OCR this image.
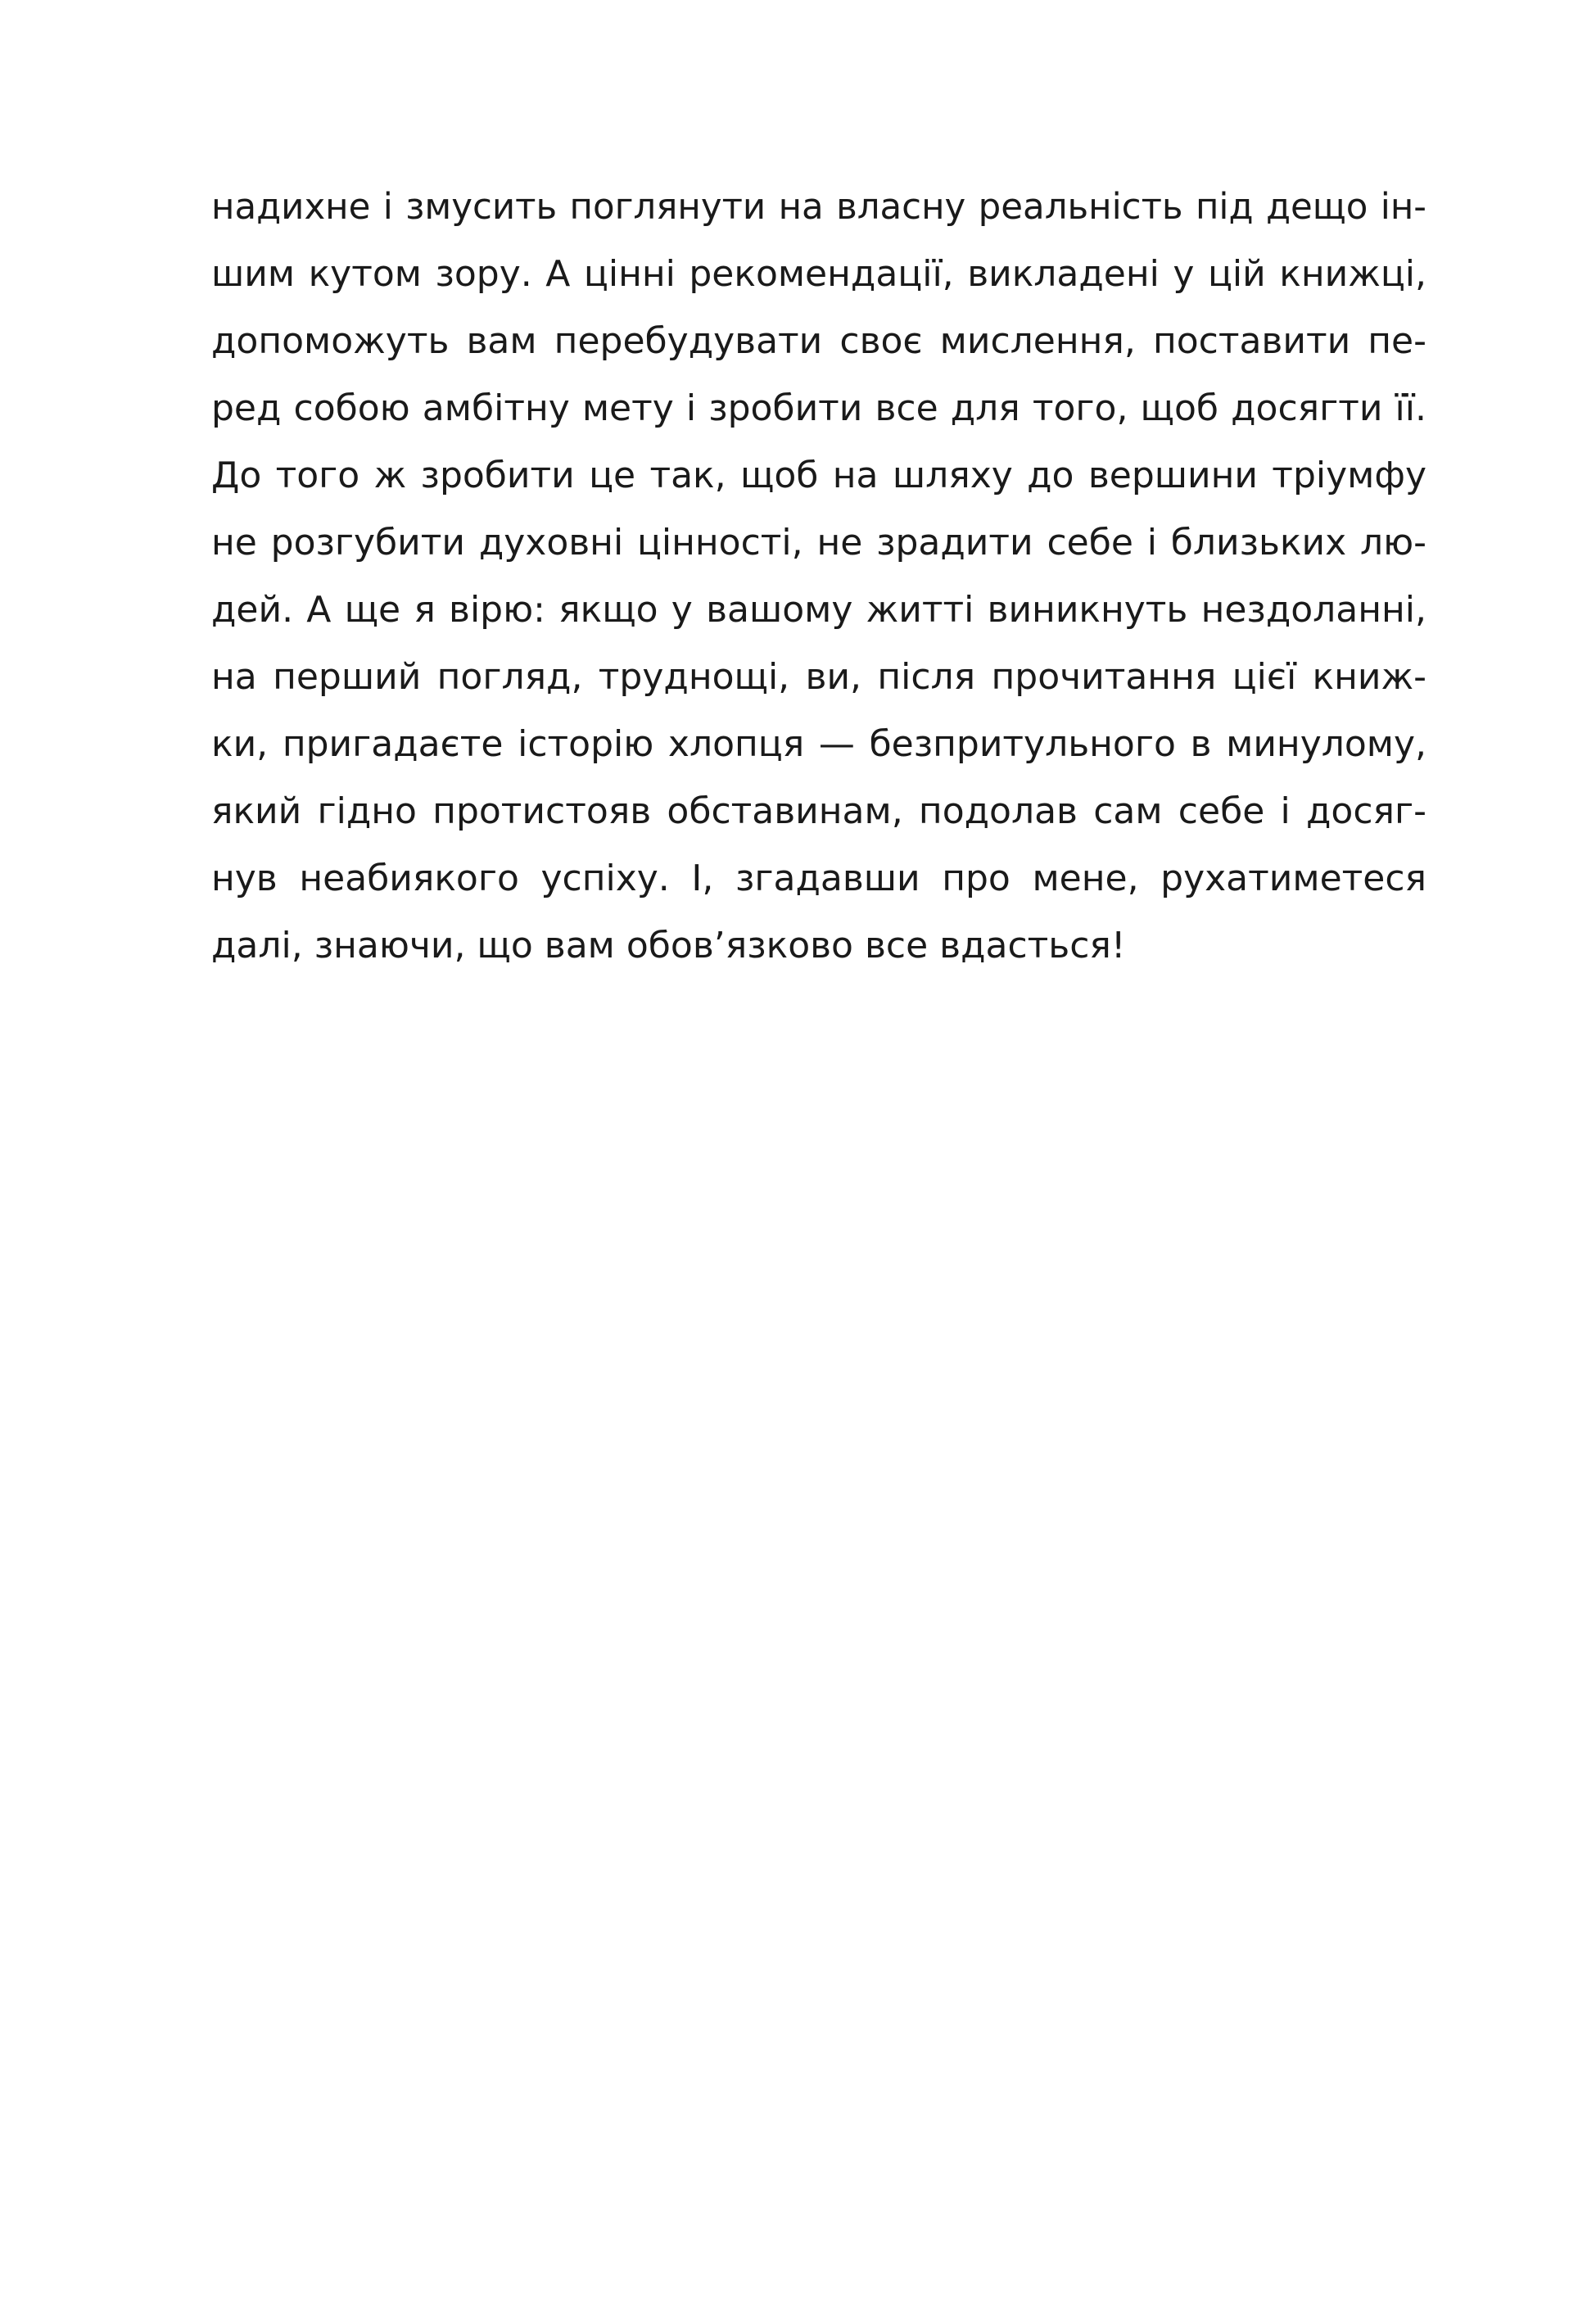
надихне і змусить поглянути на власну реальність під дещо ін-
шим кутом зору. А цінні рекомендації, викладені у цій книжці,
допоможуть вам перебудувати своє мислення, поставити пе-
ред собою амбітну мету і зробити все для того, щоб досягти її.
До того ж зробити це так, щоб на шляху до вершини тріумфу
не розгубити духовні цінності, не зрадити себе і близьких лю-
дей. А ще я вірю: якщо у вашому житті виникнуть нездоланні,
на перший погляд, труднощі, ви, після прочитання цієї книж-
ки, пригадаєте історію хлопця — безпритульного в минулому,
який гідно протистояв обставинам, подолав сам себе і досяг-
нув неабиякого успіху. І, згадавши про мене, рухатиметеся
далі, знаючи, що вам обов’язково все вдасться!
